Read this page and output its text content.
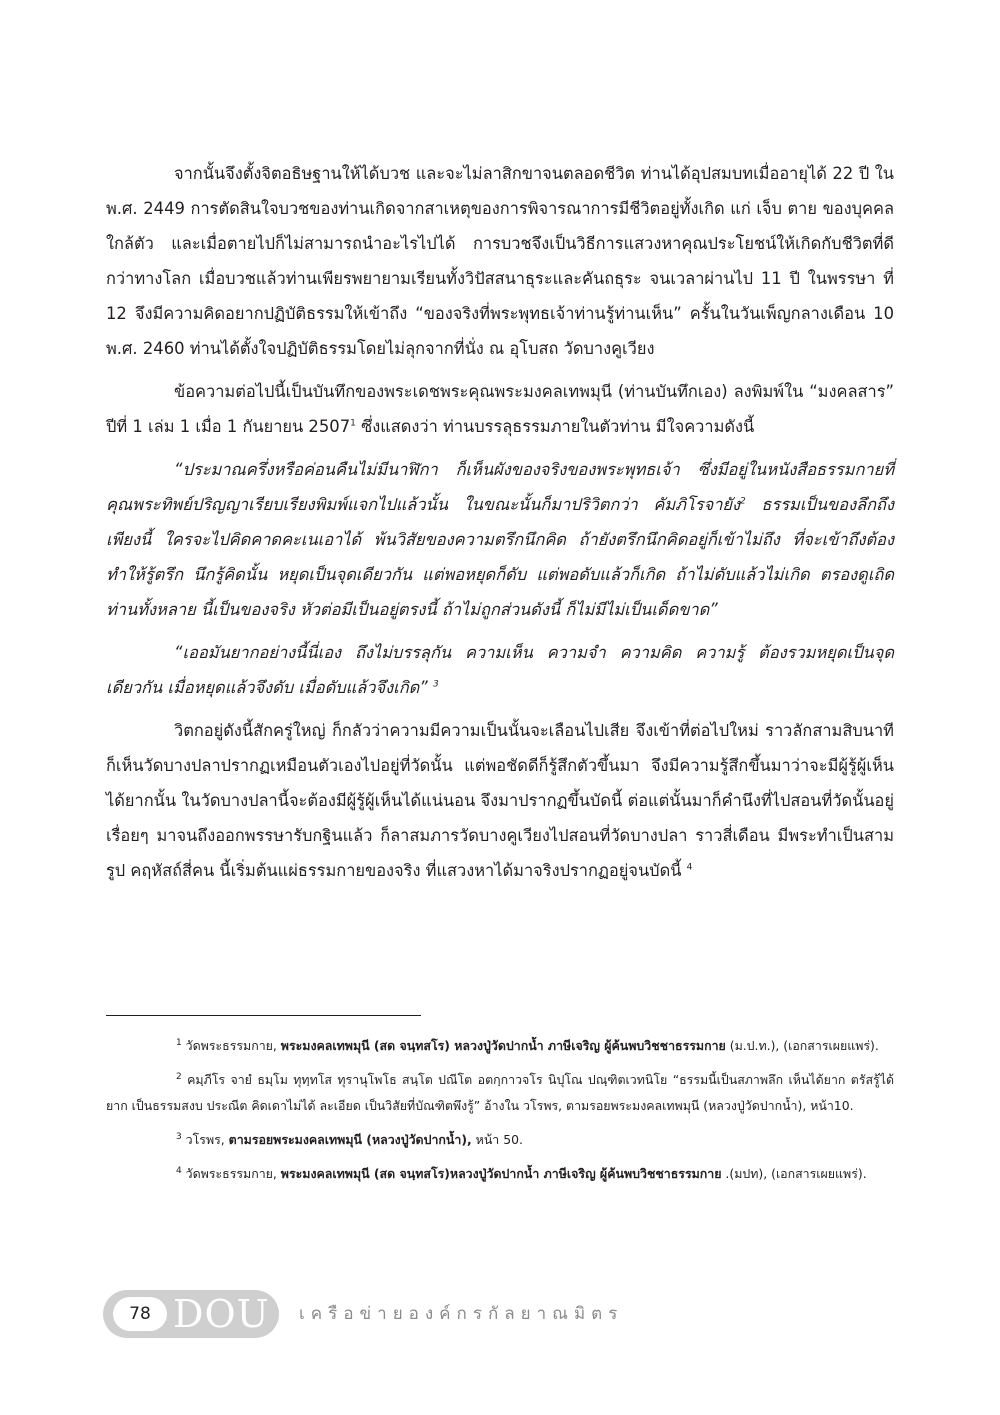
จากนั้นจึงตั้งจิตอธิษฐานให้ได้บวช และจะไม่ลาสิกขาจนตลอดชีวิต ท่านได้อุปสมบทเมื่ออายุได้ 22 ปี ใน พ.ศ. 2449 การตัดสินใจบวชของท่านเกิดจากสาเหตุของการพิจารณาการมีชีวิตอยู่ทั้งเกิด แก่ เจ็บ ตาย ของบุคคลใกล้ตัว และเมื่อตายไปก็ไม่สามารถนำอะไรไปได้ การบวชจึงเป็นวิธีการแสวงหาคุณประโยชน์ให้เกิดกับชีวิตที่ดีกว่าทางโลก เมื่อบวชแล้วท่านเพียรพยายามเรียนทั้งวิปัสสนาธุระและคันถธุระ จนเวลาผ่านไป 11 ปี ในพรรษา ที่ 12 จึงมีความคิดอยากปฏิบัติธรรมให้เข้าถึง “ของจริงที่พระพุทธเจ้าท่านรู้ท่านเห็น” ครั้นในวันเพ็ญกลางเดือน 10 พ.ศ. 2460 ท่านได้ตั้งใจปฏิบัติธรรมโดยไม่ลุกจากที่นั่ง ณ อุโบสถ วัดบางคูเวียง

ข้อความต่อไปนี้เป็นบันทึกของพระเดชพระคุณพระมงคลเทพมุนี (ท่านบันทึกเอง) ลงพิมพ์ใน “มงคลสาร” ปีที่ 1 เล่ม 1 เมื่อ 1 กันยายน 2507$^1$ ซึ่งแสดงว่า ท่านบรรลุธรรมภายในตัวท่าน มีใจความดังนี้

“ประมาณครึ่งหรือค่อนคืนไม่มีนาฬิกา ก็เห็นผังของจริงของพระพุทธเจ้า ซึ่งมีอยู่ในหนังสือธรรมกายที่คุณพระทิพย์ปริญญาเรียบเรียงพิมพ์แจกไปแล้วนั้น ในขณะนั้นก็มาปริวิตกว่า คัมภิโรจายัง$^2$ ธรรมเป็นของลึกถึงเพียงนี้ ใครจะไปคิดคาดคะเนเอาได้ พ้นวิสัยของความตรึกนึกคิด ถ้ายังตรึกนึกคิดอยู่ก็เข้าไม่ถึง ที่จะเข้าถึงต้องทำให้รู้ตรึก นึกรู้คิดนั้น หยุดเป็นจุดเดียวกัน แต่พอหยุดก็ดับ แต่พอดับแล้วก็เกิด ถ้าไม่ดับแล้วไม่เกิด ตรองดูเถิด ท่านทั้งหลาย นี้เป็นของจริง หัวต่อมีเป็นอยู่ตรงนี้ ถ้าไม่ถูกส่วนดังนี้ ก็ไม่มีไม่เป็นเด็ดขาด”

“เออมันยากอย่างนี้นี่เอง ถึงไม่บรรลุกัน ความเห็น ความจำ ความคิด ความรู้ ต้องรวมหยุดเป็นจุดเดียวกัน เมื่อหยุดแล้วจึงดับ เมื่อดับแล้วจึงเกิด” $^3$

วิตกอยู่ดังนี้สักครู่ใหญ่ ก็กลัวว่าความมีความเป็นนั้นจะเลือนไปเสีย จึงเข้าที่ต่อไปใหม่ ราวลักสามสิบนาทีก็เห็นวัดบางปลาปรากฏเหมือนตัวเองไปอยู่ที่วัดนั้น แต่พอชัดดีก็รู้สึกตัวขึ้นมา จึงมีความรู้สึกขึ้นมาว่าจะมีผู้รู้ผู้เห็นได้ยากนั้น ในวัดบางปลานี้จะต้องมีผู้รู้ผู้เห็นได้แน่นอน จึงมาปรากฏขึ้นบัดนี้ ต่อแต่นั้นมาก็คำนึงที่ไปสอนที่วัดนั้นอยู่เรื่อยๆ มาจนถึงออกพรรษารับกฐินแล้ว ก็ลาสมภารวัดบางคูเวียงไปสอนที่วัดบางปลา ราวสี่เดือน มีพระทำเป็นสามรูป คฤหัสถ์สี่คน นี้เริ่มต้นแผ่ธรรมกายของจริง ที่แสวงหาได้มาจริงปรากฏอยู่จนบัดนี้ $^4$

$^1$ วัดพระธรรมกาย, พระมงคลเทพมุนี (สด จนฺทสโร) หลวงปู่วัดปากน้ำ ภาษีเจริญ ผู้ค้นพบวิชชาธรรมกาย (ม.ป.ท.), (เอกสารเผยแพร่).

$^2$ คมฺภีโร จายํ ธมฺโม ทุทฺทโส ทุรานุโพโธ สนฺโต ปณีโต อตกฺกาวจโร นิปุโณ ปณฺฑิตเวทนิโย “ธรรมนี้เป็นสภาพลึก เห็นได้ยาก ตรัสรู้ได้ยาก เป็นธรรมสงบ ประณีต คิดเดาไม่ได้ ละเอียด เป็นวิสัยที่บัณฑิตพึงรู้” อ้างใน วโรพร, ตามรอยพระมงคลเทพมุนี (หลวงปู่วัดปากน้ำ), หน้า10.

$^3$ วโรพร, ตามรอยพระมงคลเทพมุนี (หลวงปู่วัดปากน้ำ), หน้า 50.

$^4$ วัดพระธรรมกาย, พระมงคลเทพมุนี (สด จนฺทสโร)หลวงปู่วัดปากน้ำ ภาษีเจริญ ผู้ค้นพบวิชชาธรรมกาย .(มปท), (เอกสารเผยแพร่).

78 DOU เครือข่ายองค์กรกัลยาณมิตร
